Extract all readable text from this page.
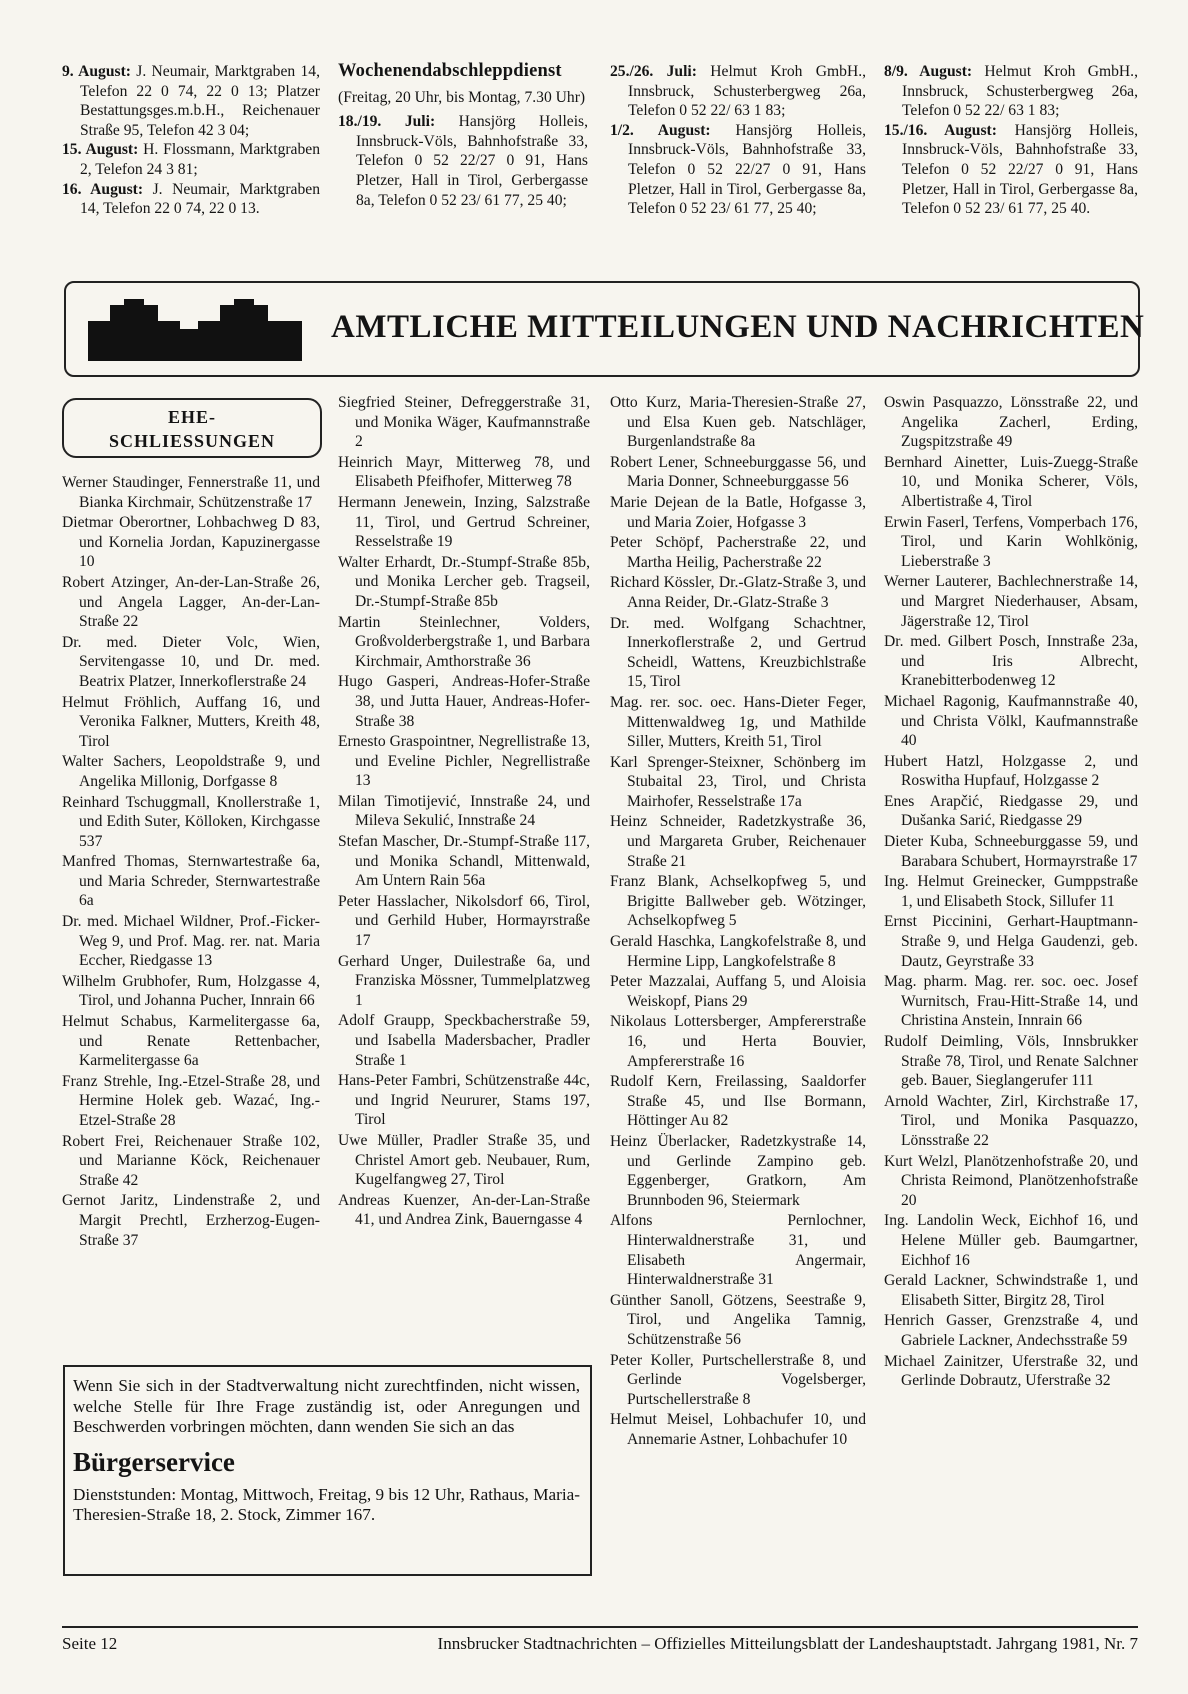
9. August: J. Neumair, Marktgraben 14, Telefon 22 0 74, 22 0 13; Platzer Bestattungsges.m.b.H., Reichenauer Straße 95, Telefon 42 3 04;

15. August: H. Flossmann, Marktgraben 2, Telefon 24 3 81;

16. August: J. Neumair, Marktgraben 14, Telefon 22 0 74, 22 0 13.

Wochenendabschleppdienst

(Freitag, 20 Uhr, bis Montag, 7.30 Uhr)

18./19. Juli: Hansjörg Holleis, Innsbruck-Völs, Bahnhofstraße 33, Telefon 0 52 22/27 0 91, Hans Pletzer, Hall in Tirol, Gerbergasse 8a, Telefon 0 52 23/ 61 77, 25 40;

25./26. Juli: Helmut Kroh GmbH., Innsbruck, Schusterbergweg 26a, Telefon 0 52 22/ 63 1 83;

1/2. August: Hansjörg Holleis, Innsbruck-Völs, Bahnhofstraße 33, Telefon 0 52 22/27 0 91, Hans Pletzer, Hall in Tirol, Gerbergasse 8a, Telefon 0 52 23/ 61 77, 25 40;

8/9. August: Helmut Kroh GmbH., Innsbruck, Schusterbergweg 26a, Telefon 0 52 22/ 63 1 83;

15./16. August: Hansjörg Holleis, Innsbruck-Völs, Bahnhofstraße 33, Telefon 0 52 22/27 0 91, Hans Pletzer, Hall in Tirol, Gerbergasse 8a, Telefon 0 52 23/ 61 77, 25 40.

AMTLICHE MITTEILUNGEN UND NACHRICHTEN
EHE-
SCHLIESSUNGEN

Werner Staudinger, Fennerstraße 11, und Bianka Kirchmair, Schützenstraße 17

Dietmar Oberortner, Lohbachweg D 83, und Kornelia Jordan, Kapuzinergasse 10

Robert Atzinger, An-der-Lan-Straße 26, und Angela Lagger, An-der-Lan-Straße 22

Dr. med. Dieter Volc, Wien, Servitengasse 10, und Dr. med. Beatrix Platzer, Innerkoflerstraße 24

Helmut Fröhlich, Auffang 16, und Veronika Falkner, Mutters, Kreith 48, Tirol

Walter Sachers, Leopoldstraße 9, und Angelika Millonig, Dorfgasse 8

Reinhard Tschuggmall, Knollerstraße 1, und Edith Suter, Kölloken, Kirchgasse 537

Manfred Thomas, Sternwartestraße 6a, und Maria Schreder, Sternwartestraße 6a

Dr. med. Michael Wildner, Prof.-Ficker-Weg 9, und Prof. Mag. rer. nat. Maria Eccher, Riedgasse 13

Wilhelm Grubhofer, Rum, Holzgasse 4, Tirol, und Johanna Pucher, Innrain 66

Helmut Schabus, Karmelitergasse 6a, und Renate Rettenbacher, Karmelitergasse 6a

Franz Strehle, Ing.-Etzel-Straße 28, und Hermine Holek geb. Wazać, Ing.-Etzel-Straße 28

Robert Frei, Reichenauer Straße 102, und Marianne Köck, Reichenauer Straße 42

Gernot Jaritz, Lindenstraße 2, und Margit Prechtl, Erzherzog-Eugen-Straße 37

Siegfried Steiner, Defreggerstraße 31, und Monika Wäger, Kaufmannstraße 2

Heinrich Mayr, Mitterweg 78, und Elisabeth Pfeifhofer, Mitterweg 78

Hermann Jenewein, Inzing, Salzstraße 11, Tirol, und Gertrud Schreiner, Resselstraße 19

Walter Erhardt, Dr.-Stumpf-Straße 85b, und Monika Lercher geb. Tragseil, Dr.-Stumpf-Straße 85b

Martin Steinlechner, Volders, Großvolderbergstraße 1, und Barbara Kirchmair, Amthorstraße 36

Hugo Gasperi, Andreas-Hofer-Straße 38, und Jutta Hauer, Andreas-Hofer-Straße 38

Ernesto Graspointner, Negrellistraße 13, und Eveline Pichler, Negrellistraße 13

Milan Timotijević, Innstraße 24, und Mileva Sekulić, Innstraße 24

Stefan Mascher, Dr.-Stumpf-Straße 117, und Monika Schandl, Mittenwald, Am Untern Rain 56a

Peter Hasslacher, Nikolsdorf 66, Tirol, und Gerhild Huber, Hormayrstraße 17

Gerhard Unger, Duilestraße 6a, und Franziska Mössner, Tummelplatzweg 1

Adolf Graupp, Speckbacherstraße 59, und Isabella Madersbacher, Pradler Straße 1

Hans-Peter Fambri, Schützenstraße 44c, und Ingrid Neururer, Stams 197, Tirol

Uwe Müller, Pradler Straße 35, und Christel Amort geb. Neubauer, Rum, Kugelfangweg 27, Tirol

Andreas Kuenzer, An-der-Lan-Straße 41, und Andrea Zink, Bauerngasse 4

Otto Kurz, Maria-Theresien-Straße 27, und Elsa Kuen geb. Natschläger, Burgenlandstraße 8a

Robert Lener, Schneeburggasse 56, und Maria Donner, Schneeburggasse 56

Marie Dejean de la Batle, Hofgasse 3, und Maria Zoier, Hofgasse 3

Peter Schöpf, Pacherstraße 22, und Martha Heilig, Pacherstraße 22

Richard Kössler, Dr.-Glatz-Straße 3, und Anna Reider, Dr.-Glatz-Straße 3

Dr. med. Wolfgang Schachtner, Innerkoflerstraße 2, und Gertrud Scheidl, Wattens, Kreuzbichlstraße 15, Tirol

Mag. rer. soc. oec. Hans-Dieter Feger, Mittenwaldweg 1g, und Mathilde Siller, Mutters, Kreith 51, Tirol

Karl Sprenger-Steixner, Schönberg im Stubaital 23, Tirol, und Christa Mairhofer, Resselstraße 17a

Heinz Schneider, Radetzkystraße 36, und Margareta Gruber, Reichenauer Straße 21

Franz Blank, Achselkopfweg 5, und Brigitte Ballweber geb. Wötzinger, Achselkopfweg 5

Gerald Haschka, Langkofelstraße 8, und Hermine Lipp, Langkofelstraße 8

Peter Mazzalai, Auffang 5, und Aloisia Weiskopf, Pians 29

Nikolaus Lottersberger, Ampfererstraße 16, und Herta Bouvier, Ampfererstraße 16

Rudolf Kern, Freilassing, Saaldorfer Straße 45, und Ilse Bormann, Höttinger Au 82

Heinz Überlacker, Radetzkystraße 14, und Gerlinde Zampino geb. Eggenberger, Gratkorn, Am Brunnboden 96, Steiermark

Alfons Pernlochner, Hinterwaldnerstraße 31, und Elisabeth Angermair, Hinterwaldnerstraße 31

Günther Sanoll, Götzens, Seestraße 9, Tirol, und Angelika Tamnig, Schützenstraße 56

Peter Koller, Purtschellerstraße 8, und Gerlinde Vogelsberger, Purtschellerstraße 8

Helmut Meisel, Lohbachufer 10, und Annemarie Astner, Lohbachufer 10

Oswin Pasquazzo, Lönsstraße 22, und Angelika Zacherl, Erding, Zugspitzstraße 49

Bernhard Ainetter, Luis-Zuegg-Straße 10, und Monika Scherer, Völs, Albertistraße 4, Tirol

Erwin Faserl, Terfens, Vomperbach 176, Tirol, und Karin Wohlkönig, Lieberstraße 3

Werner Lauterer, Bachlechnerstraße 14, und Margret Niederhauser, Absam, Jägerstraße 12, Tirol

Dr. med. Gilbert Posch, Innstraße 23a, und Iris Albrecht, Kranebitterbodenweg 12

Michael Ragonig, Kaufmannstraße 40, und Christa Völkl, Kaufmannstraße 40

Hubert Hatzl, Holzgasse 2, und Roswitha Hupfauf, Holzgasse 2

Enes Arapčić, Riedgasse 29, und Dušanka Sarić, Riedgasse 29

Dieter Kuba, Schneeburggasse 59, und Barabara Schubert, Hormayrstraße 17

Ing. Helmut Greinecker, Gumppstraße 1, und Elisabeth Stock, Sillufer 11

Ernst Piccinini, Gerhart-Hauptmann-Straße 9, und Helga Gaudenzi, geb. Dautz, Geyrstraße 33

Mag. pharm. Mag. rer. soc. oec. Josef Wurnitsch, Frau-Hitt-Straße 14, und Christina Anstein, Innrain 66

Rudolf Deimling, Völs, Innsbrukker Straße 78, Tirol, und Renate Salchner geb. Bauer, Sieglangerufer 111

Arnold Wachter, Zirl, Kirchstraße 17, Tirol, und Monika Pasquazzo, Lönsstraße 22

Kurt Welzl, Planötzenhofstraße 20, und Christa Reimond, Planötzenhofstraße 20

Ing. Landolin Weck, Eichhof 16, und Helene Müller geb. Baumgartner, Eichhof 16

Gerald Lackner, Schwindstraße 1, und Elisabeth Sitter, Birgitz 28, Tirol

Henrich Gasser, Grenzstraße 4, und Gabriele Lackner, Andechsstraße 59

Michael Zainitzer, Uferstraße 32, und Gerlinde Dobrautz, Uferstraße 32

Wenn Sie sich in der Stadtverwaltung nicht zurechtfinden, nicht wissen, welche Stelle für Ihre Frage zuständig ist, oder Anregungen und Beschwerden vorbringen möchten, dann wenden Sie sich an das

Bürgerservice

Dienststunden: Montag, Mittwoch, Freitag, 9 bis 12 Uhr, Rathaus, Maria-Theresien-Straße 18, 2. Stock, Zimmer 167.

Seite 12	Innsbrucker Stadtnachrichten – Offizielles Mitteilungsblatt der Landeshauptstadt. Jahrgang 1981, Nr. 7
